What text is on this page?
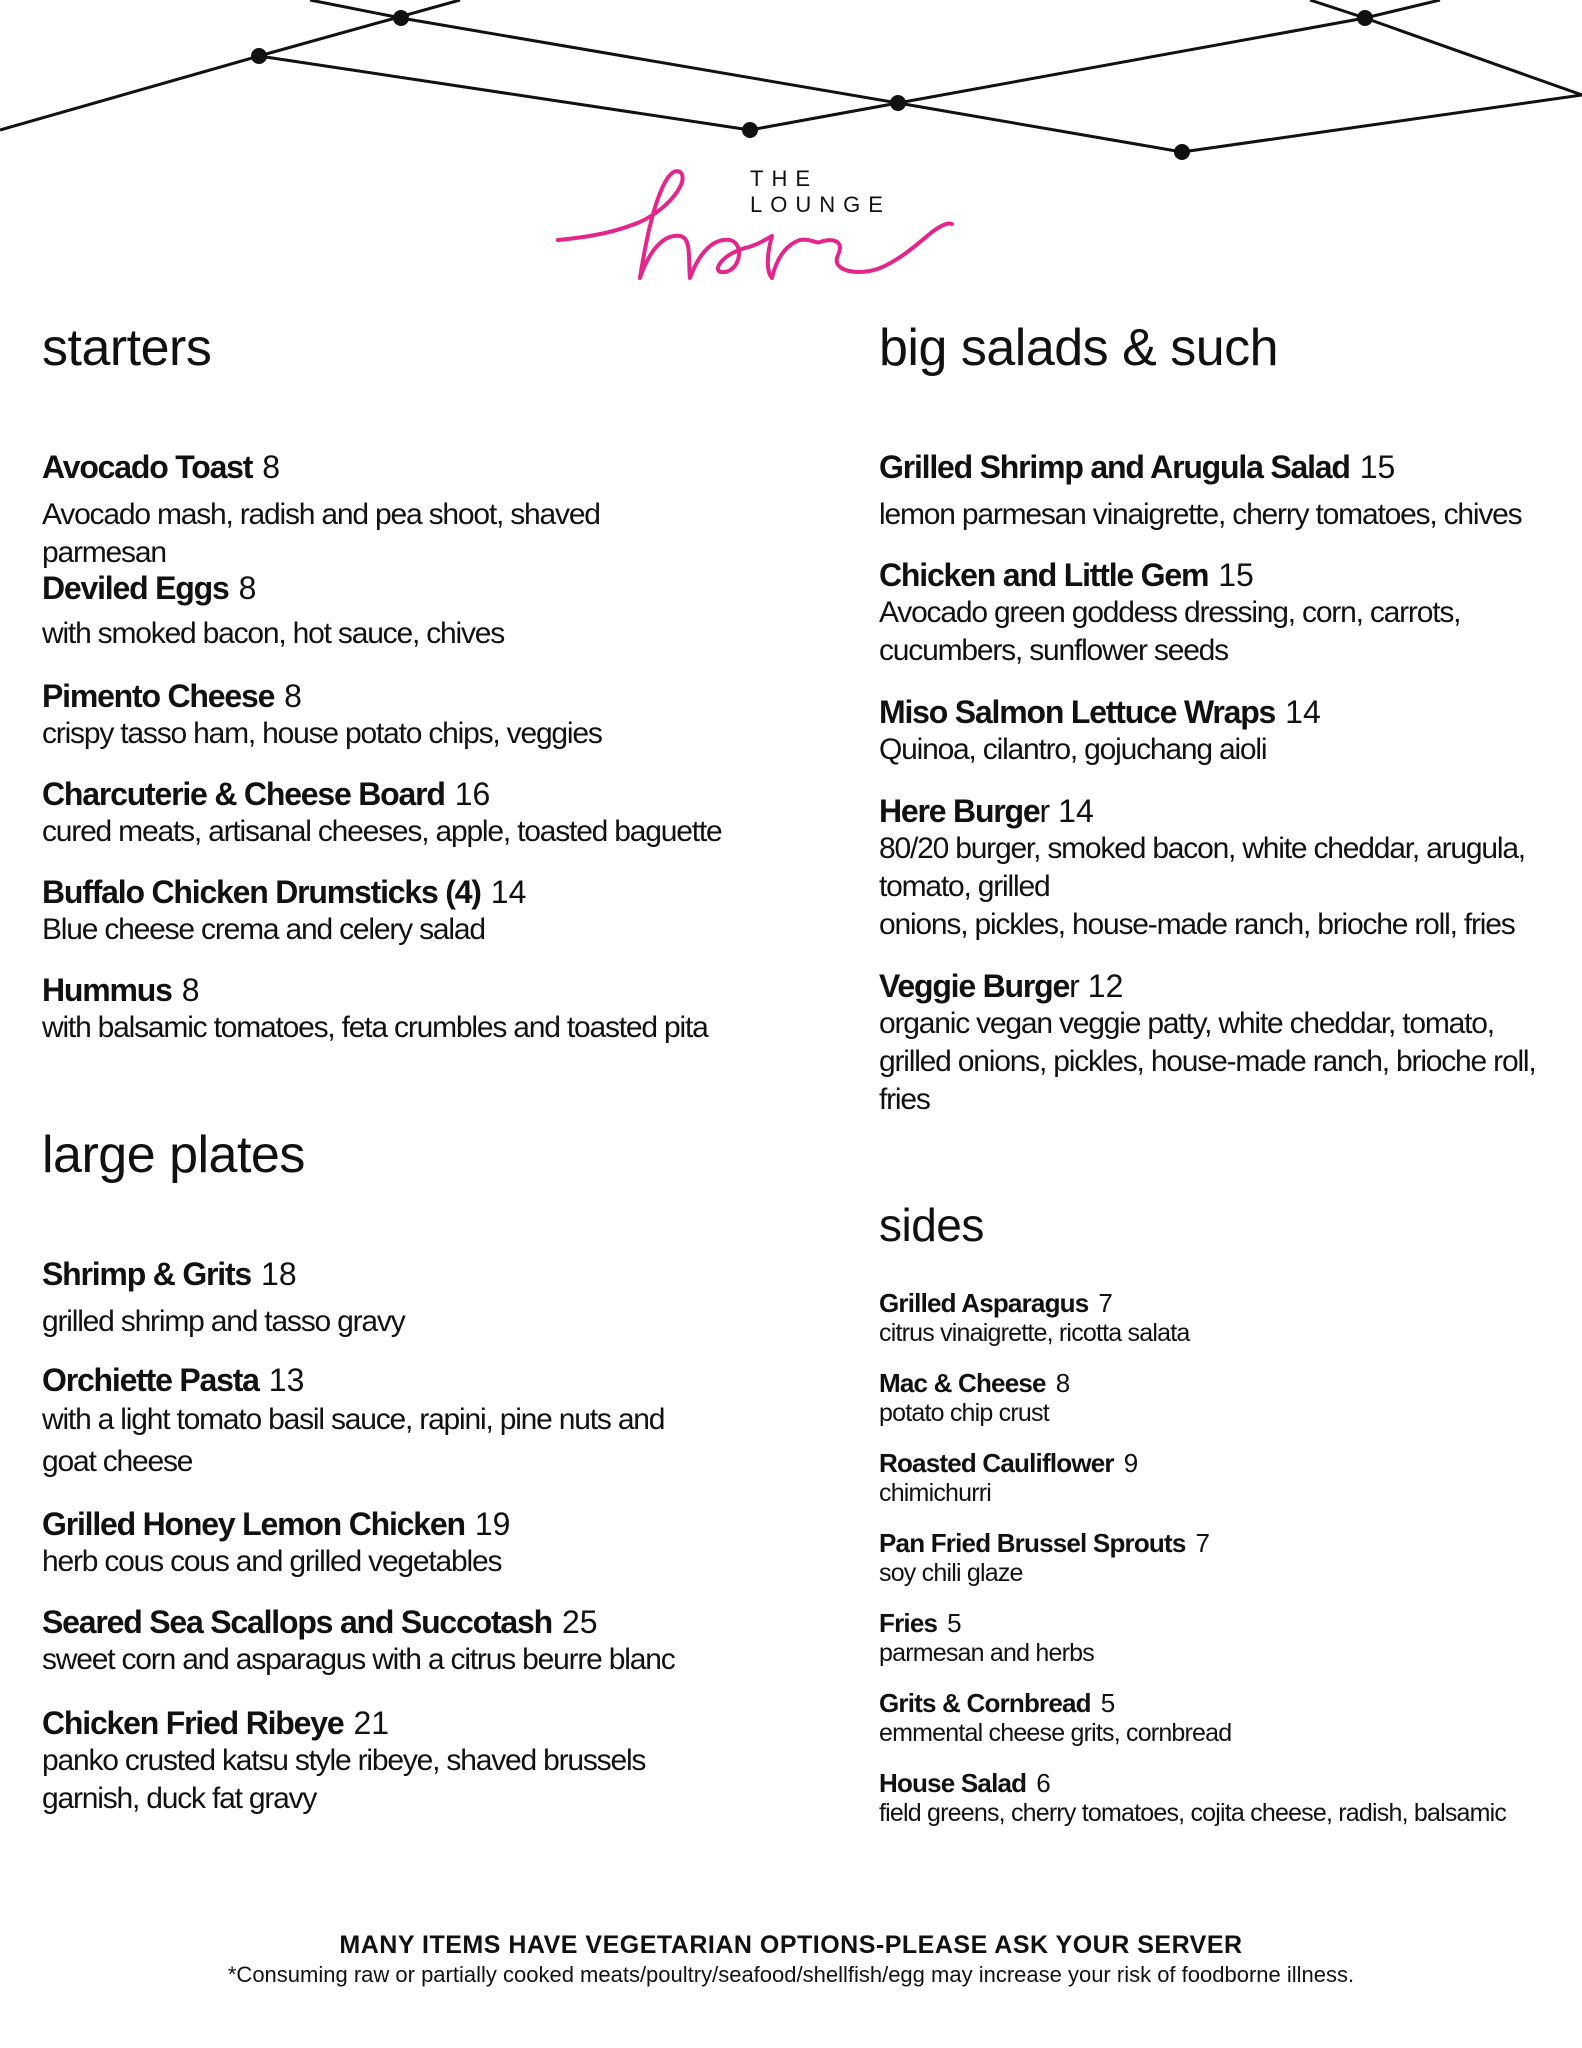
THE LOUNGE
starters
Avocado Toast 8
Avocado mash, radish and pea shoot, shaved parmesan
Deviled Eggs 8
with smoked bacon, hot sauce, chives
Pimento Cheese 8
crispy tasso ham, house potato chips, veggies
Charcuterie & Cheese Board 16
cured meats, artisanal cheeses, apple, toasted baguette
Buffalo Chicken Drumsticks (4) 14
Blue cheese crema and celery salad
Hummus 8
with balsamic tomatoes, feta crumbles and toasted pita
large plates
Shrimp & Grits 18
grilled shrimp and tasso gravy
Orchiette Pasta 13
with a light tomato basil sauce, rapini, pine nuts and goat cheese
Grilled Honey Lemon Chicken 19
herb cous cous and grilled vegetables
Seared Sea Scallops and Succotash 25
sweet corn and asparagus with a citrus beurre blanc
Chicken Fried Ribeye 21
panko crusted katsu style ribeye, shaved brussels garnish, duck fat gravy
big salads & such
Grilled Shrimp and Arugula Salad 15
lemon parmesan vinaigrette, cherry tomatoes, chives
Chicken and Little Gem 15
Avocado green goddess dressing, corn, carrots, cucumbers, sunflower seeds
Miso Salmon Lettuce Wraps 14
Quinoa, cilantro, gojuchang aioli
Here Burger 14
80/20 burger, smoked bacon, white cheddar, arugula, tomato, grilled
onions, pickles, house-made ranch, brioche roll, fries
Veggie Burger 12
organic vegan veggie patty, white cheddar, tomato, grilled onions, pickles, house-made ranch, brioche roll, fries
sides
Grilled Asparagus 7
citrus vinaigrette, ricotta salata
Mac & Cheese 8
potato chip crust
Roasted Cauliflower 9
chimichurri
Pan Fried Brussel Sprouts 7
soy chili glaze
Fries 5
parmesan and herbs
Grits & Cornbread 5
emmental cheese grits, cornbread
House Salad 6
field greens, cherry tomatoes, cojita cheese, radish, balsamic
MANY ITEMS HAVE VEGETARIAN OPTIONS-PLEASE ASK YOUR SERVER
*Consuming raw or partially cooked meats/poultry/seafood/shellfish/egg may increase your risk of foodborne illness.
